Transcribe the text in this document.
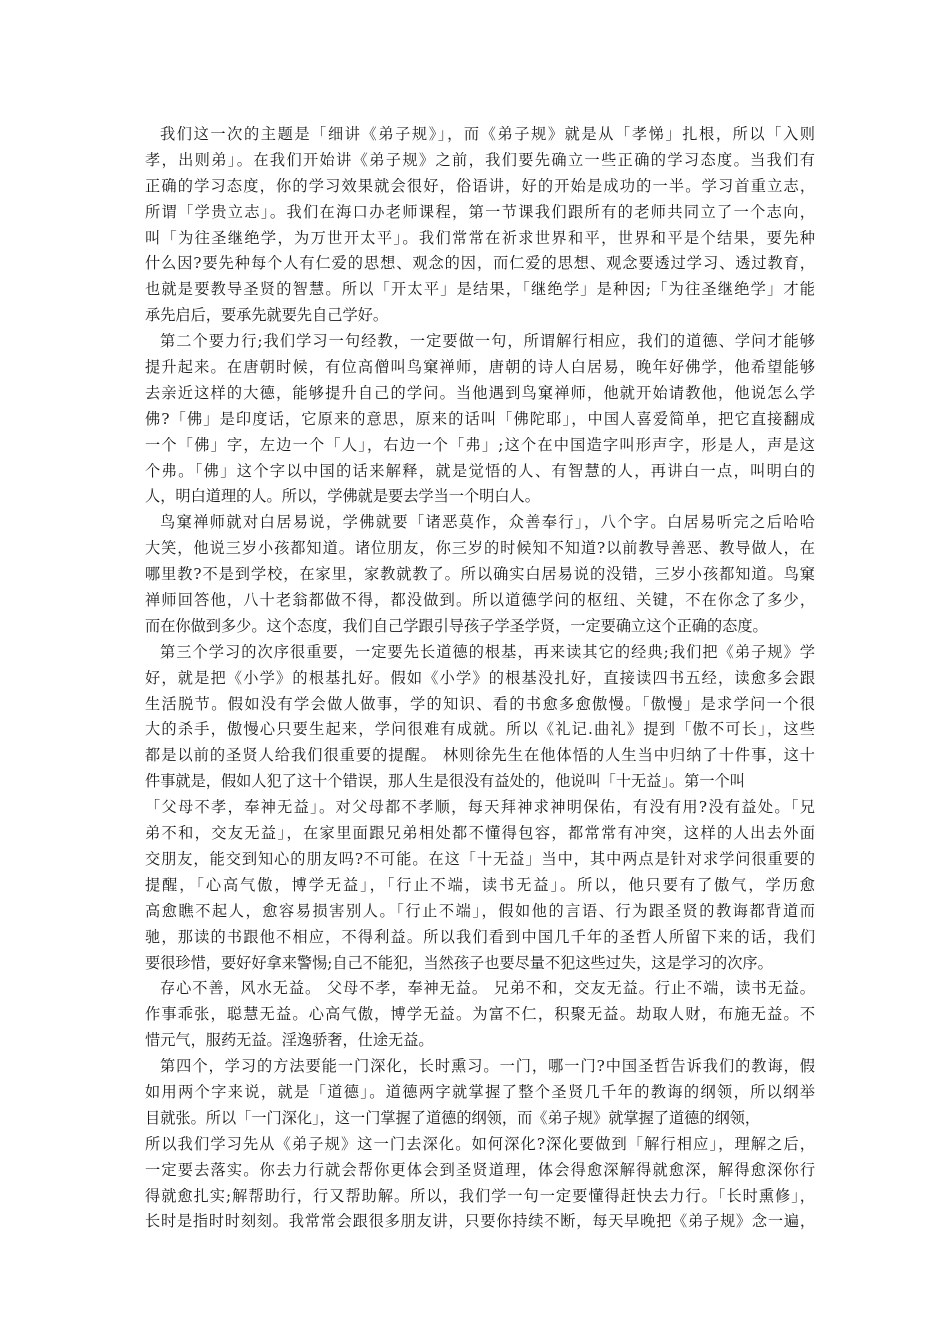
我们这一次的主题是「细讲《弟子规》」，而《弟子规》就是从「孝悌」扎根，所以「入则
孝，出则弟」。在我们开始讲《弟子规》之前，我们要先确立一些正确的学习态度。当我们有
正确的学习态度，你的学习效果就会很好，俗语讲，好的开始是成功的一半。学习首重立志，
所谓「学贵立志」。我们在海口办老师课程，第一节课我们跟所有的老师共同立了一个志向，
叫「为往圣继绝学，为万世开太平」。我们常常在祈求世界和平，世界和平是个结果，要先种
什么因?要先种每个人有仁爱的思想、观念的因，而仁爱的思想、观念要透过学习、透过教育，
也就是要教导圣贤的智慧。所以「开太平」是结果，「继绝学」是种因;「为往圣继绝学」才能
承先启后，要承先就要先自己学好。
第二个要力行;我们学习一句经教，一定要做一句，所谓解行相应，我们的道德、学问才能够
提升起来。在唐朝时候，有位高僧叫鸟窠禅师，唐朝的诗人白居易，晚年好佛学，他希望能够
去亲近这样的大德，能够提升自己的学问。当他遇到鸟窠禅师，他就开始请教他，他说怎么学
佛?「佛」是印度话，它原来的意思，原来的话叫「佛陀耶」，中国人喜爱简单，把它直接翻成
一个「佛」字，左边一个「人」，右边一个「弗」;这个在中国造字叫形声字，形是人，声是这
个弗。「佛」这个字以中国的话来解释，就是觉悟的人、有智慧的人，再讲白一点，叫明白的
人，明白道理的人。所以，学佛就是要去学当一个明白人。
鸟窠禅师就对白居易说，学佛就要「诸恶莫作，众善奉行」，八个字。白居易听完之后哈哈
大笑，他说三岁小孩都知道。诸位朋友，你三岁的时候知不知道?以前教导善恶、教导做人，在
哪里教?不是到学校，在家里，家教就教了。所以确实白居易说的没错，三岁小孩都知道。鸟窠
禅师回答他，八十老翁都做不得，都没做到。所以道德学问的枢纽、关键，不在你念了多少，
而在你做到多少。这个态度，我们自己学跟引导孩子学圣学贤，一定要确立这个正确的态度。
第三个学习的次序很重要，一定要先长道德的根基，再来读其它的经典;我们把《弟子规》学
好，就是把《小学》的根基扎好。假如《小学》的根基没扎好，直接读四书五经，读愈多会跟
生活脱节。假如没有学会做人做事，学的知识、看的书愈多愈傲慢。「傲慢」是求学问一个很
大的杀手，傲慢心只要生起来，学问很难有成就。所以《礼记.曲礼》提到「傲不可长」，这些
都是以前的圣贤人给我们很重要的提醒。 林则徐先生在他体悟的人生当中归纳了十件事，这十
件事就是，假如人犯了这十个错误，那人生是很没有益处的，他说叫「十无益」。第一个叫
「父母不孝，奉神无益」。对父母都不孝顺，每天拜神求神明保佑，有没有用?没有益处。「兄
弟不和，交友无益」，在家里面跟兄弟相处都不懂得包容，都常常有冲突，这样的人出去外面
交朋友，能交到知心的朋友吗?不可能。在这「十无益」当中，其中两点是针对求学问很重要的
提醒，「心高气傲，博学无益」，「行止不端，读书无益」。所以，他只要有了傲气，学历愈
高愈瞧不起人，愈容易损害别人。「行止不端」，假如他的言语、行为跟圣贤的教诲都背道而
驰，那读的书跟他不相应，不得利益。所以我们看到中国几千年的圣哲人所留下来的话，我们
要很珍惜，要好好拿来警惕;自己不能犯，当然孩子也要尽量不犯这些过失，这是学习的次序。
存心不善，风水无益。 父母不孝，奉神无益。 兄弟不和，交友无益。行止不端，读书无益。
作事乖张，聪慧无益。心高气傲，博学无益。为富不仁，积聚无益。劫取人财，布施无益。不
惜元气，服药无益。淫逸骄奢，仕途无益。
第四个，学习的方法要能一门深化，长时熏习。一门，哪一门?中国圣哲告诉我们的教诲，假
如用两个字来说，就是「道德」。道德两字就掌握了整个圣贤几千年的教诲的纲领，所以纲举
目就张。所以「一门深化」，这一门掌握了道德的纲领，而《弟子规》就掌握了道德的纲领，
所以我们学习先从《弟子规》这一门去深化。如何深化?深化要做到「解行相应」，理解之后，
一定要去落实。你去力行就会帮你更体会到圣贤道理，体会得愈深解得就愈深，解得愈深你行
得就愈扎实;解帮助行，行又帮助解。所以，我们学一句一定要懂得赶快去力行。「长时熏修」，
长时是指时时刻刻。我常常会跟很多朋友讲，只要你持续不断，每天早晚把《弟子规》念一遍，
